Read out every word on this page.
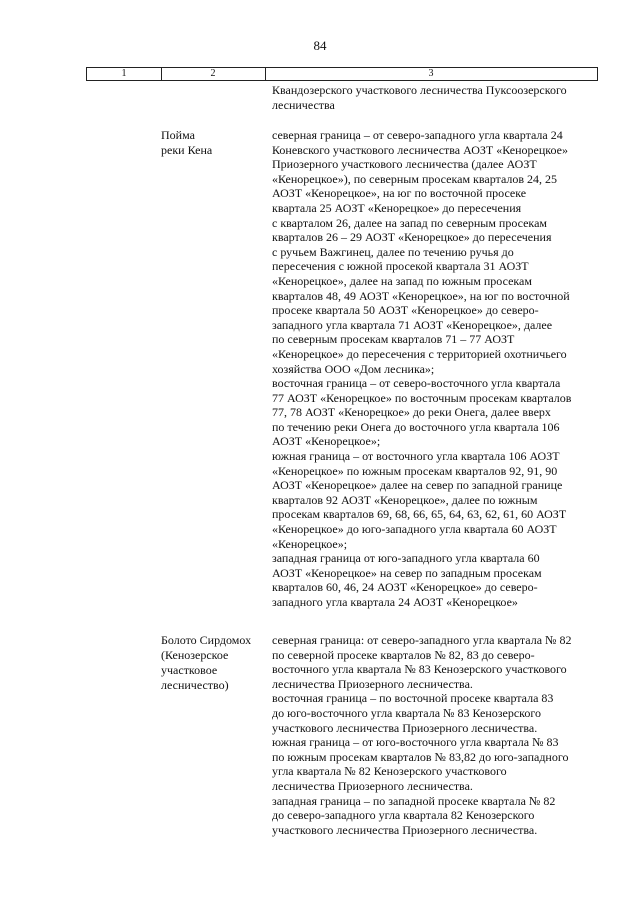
84
1	2	3
Квандозерского участкового лесничества Пуксоозерского
лесничества
Пойма
реки Кена
северная граница – от северо-западного угла квартала 24
Коневского участкового лесничества АОЗТ «Кенорецкое»
Приозерного участкового лесничества (далее АОЗТ
«Кенорецкое»), по северным просекам кварталов 24, 25
АОЗТ «Кенорецкое», на юг по восточной просеке
квартала 25 АОЗТ «Кенорецкое» до пересечения
с кварталом 26, далее на запад по северным просекам
кварталов 26 – 29 АОЗТ «Кенорецкое» до пересечения
с ручьем Важгинец, далее по течению ручья до
пересечения с южной просекой квартала 31 АОЗТ
«Кенорецкое», далее на запад по южным просекам
кварталов 48, 49 АОЗТ «Кенорецкое», на юг по восточной
просеке квартала 50 АОЗТ «Кенорецкое» до северо-
западного угла квартала 71 АОЗТ «Кенорецкое», далее
по северным просекам кварталов 71 – 77 АОЗТ
«Кенорецкое» до пересечения с территорией охотничьего
хозяйства ООО «Дом лесника»;
восточная граница – от северо-восточного угла квартала
77 АОЗТ «Кенорецкое» по восточным просекам кварталов
77, 78 АОЗТ «Кенорецкое» до реки Онега, далее вверх
по течению реки Онега до восточного угла квартала 106
АОЗТ «Кенорецкое»;
южная граница – от восточного угла квартала 106 АОЗТ
«Кенорецкое» по южным просекам кварталов 92, 91, 90
АОЗТ «Кенорецкое» далее на север по западной границе
кварталов 92 АОЗТ «Кенорецкое», далее по южным
просекам кварталов 69, 68, 66, 65, 64, 63, 62, 61, 60 АОЗТ
«Кенорецкое» до юго-западного угла квартала 60 АОЗТ
«Кенорецкое»;
западная граница от юго-западного угла квартала 60
АОЗТ «Кенорецкое» на север по западным просекам
кварталов 60, 46, 24 АОЗТ «Кенорецкое» до северо-
западного угла квартала 24 АОЗТ «Кенорецкое»
Болото Сирдомох
(Кенозерское
участковое
лесничество)
северная граница: от северо-западного угла квартала № 82
по северной просеке кварталов № 82, 83 до северо-
восточного угла квартала № 83 Кенозерского участкового
лесничества Приозерного лесничества.
восточная граница – по восточной просеке квартала 83
до юго-восточного угла квартала № 83 Кенозерского
участкового лесничества Приозерного лесничества.
южная граница – от юго-восточного угла квартала № 83
по южным просекам кварталов № 83,82 до юго-западного
угла квартала № 82 Кенозерского участкового
лесничества Приозерного лесничества.
западная граница – по западной просеке квартала № 82
до северо-западного угла квартала 82 Кенозерского
участкового лесничества Приозерного лесничества.
